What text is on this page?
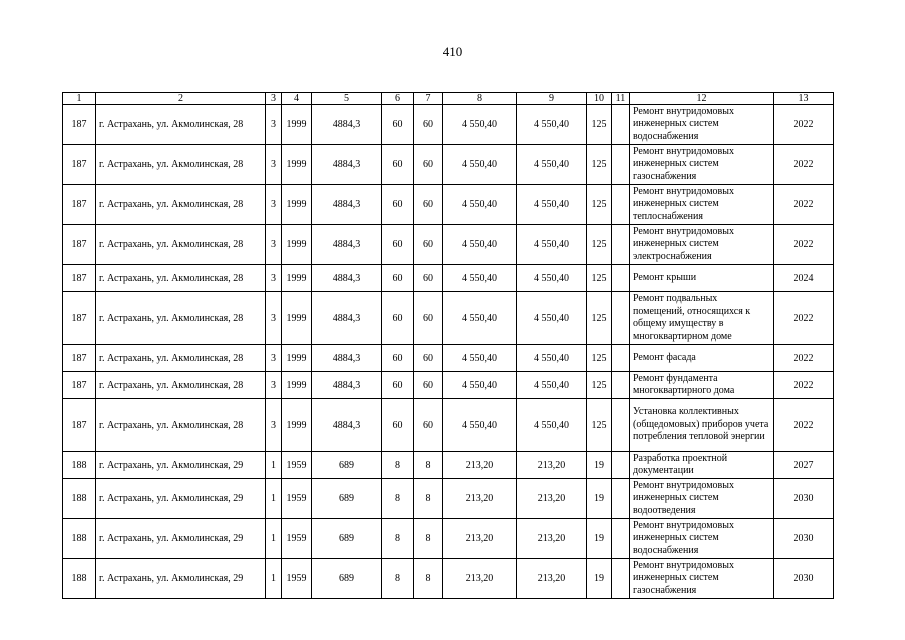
410
1	2	3	4	5	6	7	8	9	10	11	12	13
187	г. Астрахань, ул. Акмолинская, 28	3	1999	4884,3	60	60	4 550,40	4 550,40	125		Ремонт внутридомовых инженерных систем водоснабжения	2022
187	г. Астрахань, ул. Акмолинская, 28	3	1999	4884,3	60	60	4 550,40	4 550,40	125		Ремонт внутридомовых инженерных систем газоснабжения	2022
187	г. Астрахань, ул. Акмолинская, 28	3	1999	4884,3	60	60	4 550,40	4 550,40	125		Ремонт внутридомовых инженерных систем теплоснабжения	2022
187	г. Астрахань, ул. Акмолинская, 28	3	1999	4884,3	60	60	4 550,40	4 550,40	125		Ремонт внутридомовых инженерных систем электроснабжения	2022
187	г. Астрахань, ул. Акмолинская, 28	3	1999	4884,3	60	60	4 550,40	4 550,40	125		Ремонт крыши	2024
187	г. Астрахань, ул. Акмолинская, 28	3	1999	4884,3	60	60	4 550,40	4 550,40	125		Ремонт подвальных помещений, относящихся к общему имуществу в многоквартирном доме	2022
187	г. Астрахань, ул. Акмолинская, 28	3	1999	4884,3	60	60	4 550,40	4 550,40	125		Ремонт фасада	2022
187	г. Астрахань, ул. Акмолинская, 28	3	1999	4884,3	60	60	4 550,40	4 550,40	125		Ремонт фундамента многоквартирного дома	2022
187	г. Астрахань, ул. Акмолинская, 28	3	1999	4884,3	60	60	4 550,40	4 550,40	125		Установка коллективных (общедомовых) приборов учета потребления тепловой энергии	2022
188	г. Астрахань, ул. Акмолинская, 29	1	1959	689	8	8	213,20	213,20	19		Разработка проектной документации	2027
188	г. Астрахань, ул. Акмолинская, 29	1	1959	689	8	8	213,20	213,20	19		Ремонт внутридомовых инженерных систем водоотведения	2030
188	г. Астрахань, ул. Акмолинская, 29	1	1959	689	8	8	213,20	213,20	19		Ремонт внутридомовых инженерных систем водоснабжения	2030
188	г. Астрахань, ул. Акмолинская, 29	1	1959	689	8	8	213,20	213,20	19		Ремонт внутридомовых инженерных систем газоснабжения	2030
